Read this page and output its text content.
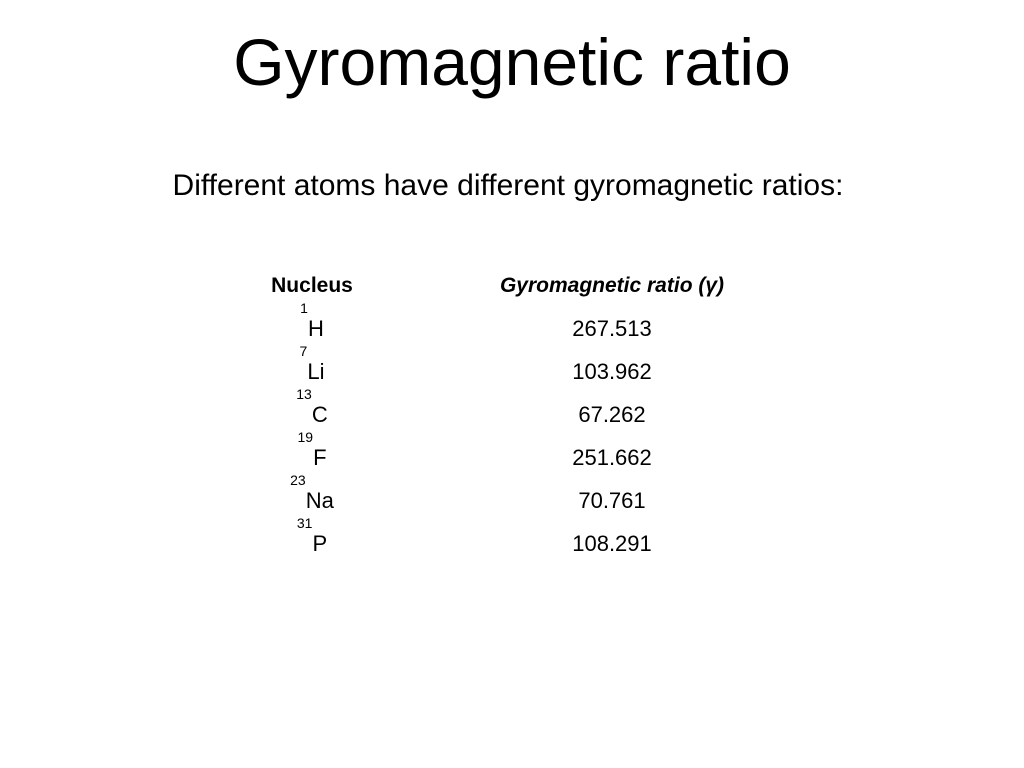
Gyromagnetic ratio

Different atoms have different gyromagnetic ratios:

Nucleus	Gyromagnetic ratio (γ)
$^1$H	267.513
$^7$Li	103.962
$^{13}$C	67.262
$^{19}$F	251.662
$^{23}$Na	70.761
$^{31}$P	108.291
